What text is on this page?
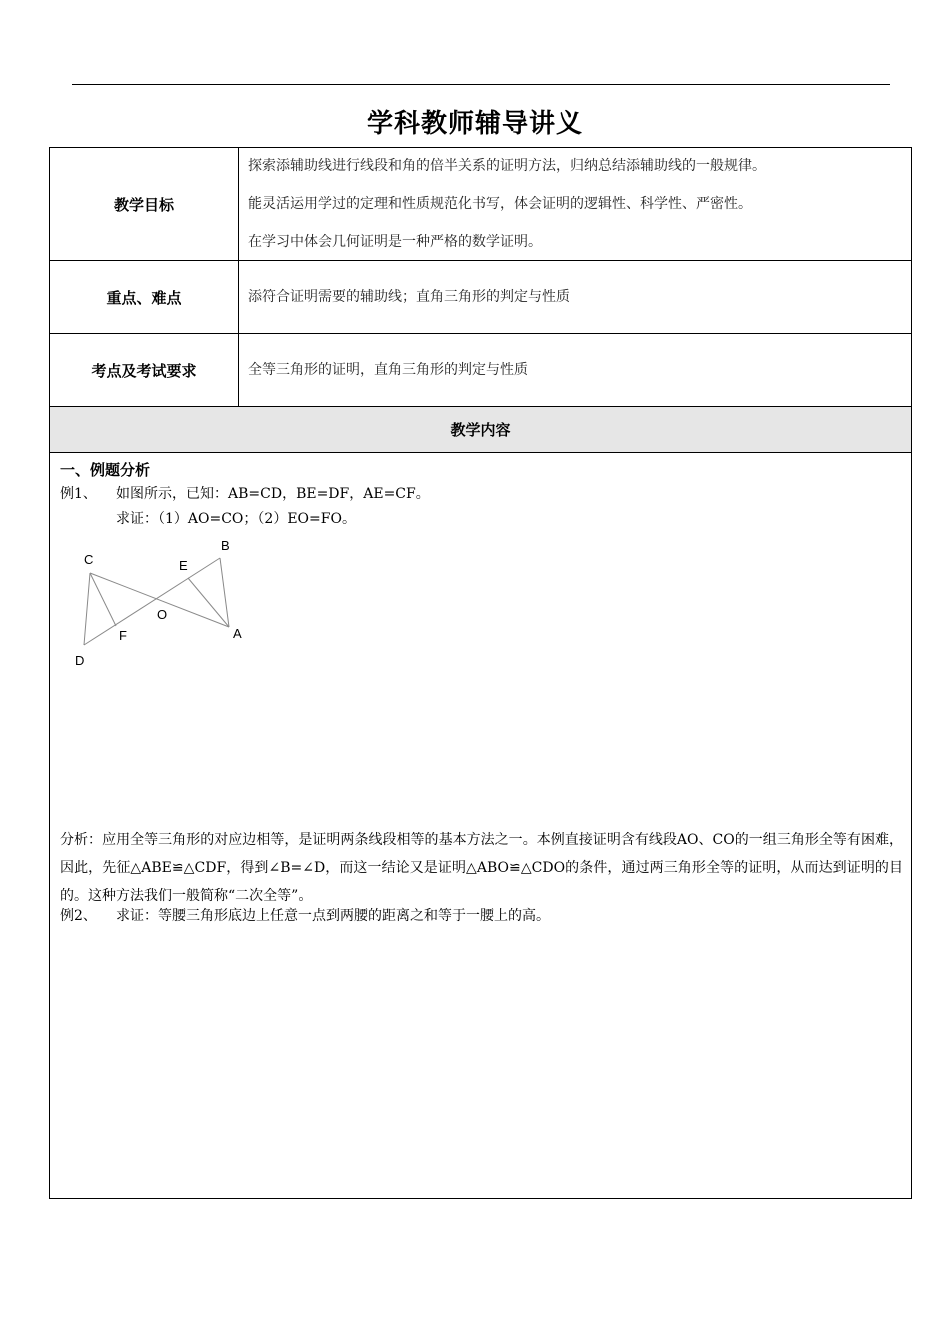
学科教师辅导讲义
教学目标

探索添辅助线进行线段和角的倍半关系的证明方法，归纳总结添辅助线的一般规律。

能灵活运用学过的定理和性质规范化书写，体会证明的逻辑性、科学性、严密性。

在学习中体会几何证明是一种严格的数学证明。

重点、难点	添符合证明需要的辅助线；直角三角形的判定与性质

考点及考试要求	全等三角形的证明，直角三角形的判定与性质

教学内容
一、例题分析
例1、 如图所示，已知：AB=CD，BE=DF，AE=CF。
求证：（1）AO=CO；（2）EO=FO。
分析：应用全等三角形的对应边相等，是证明两条线段相等的基本方法之一。本例直接证明含有线段AO、CO的一组三角形全等有困难，因此，先征△ABE≌△CDF，得到∠B=∠D，而这一结论又是证明△ABO≌△CDO的条件，通过两三角形全等的证明，从而达到证明的目的。这种方法我们一般简称“二次全等”。
例2、 求证：等腰三角形底边上任意一点到两腰的距离之和等于一腰上的高。
C
B
E
O
A
F
D
